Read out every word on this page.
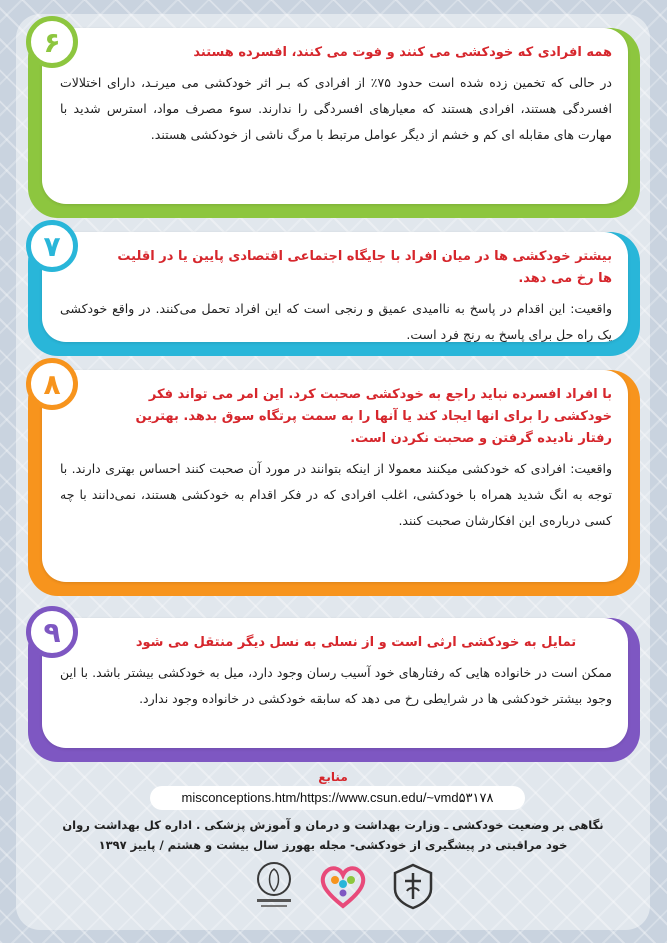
همه افرادی که خودکشی می کنند و فوت می کنند، افسرده هستند
در حالی که تخمین زده شده است حدود ۷۵٪ از افرادی که بـر اثر خودکشی می میرنـد، دارای اختلالات افسردگی هستند، افرادی هستند که معیارهای افسردگی را ندارند. سوء مصرف مواد، استرس شدید با مهارت های مقابله ای کم و خشم از دیگر عوامل مرتبط با مرگ ناشی از خودکشی هستند.
۶
بیشتر خودکشی ها در میان افراد با جایگاه اجتماعی اقتصادی پایین یا در اقلیت ها رخ می دهد.
واقعیت: این اقدام در پاسخ به ناامیدی عمیق و رنجی است که این افراد تحمل می‌کنند. در واقع خودکشی یک راه حل برای پاسخ به رنج فرد است.
۷
با افراد افسرده نباید راجع به خودکشی صحبت کرد. این امر می تواند فکر خودکشی را برای انها ایجاد کند یا آنها را به سمت پرتگاه سوق بدهد. بهترین رفتار نادیده گرفتن و صحبت نکردن است.
واقعیت: افرادی که خودکشی میکنند معمولا از اینکه بتوانند در مورد آن صحبت کنند احساس بهتری دارند. با توجه به انگ شدید همراه با خودکشی، اغلب افرادی که در فکر اقدام به خودکشی هستند، نمی‌دانند با چه کسی درباره‌ی این افکارشان صحبت کنند.
۸
تمایل به خودکشی ارثی است و از نسلی به نسل دیگر منتقل می شود
ممکن است در خانواده هایی که رفتارهای خود آسیب رسان وجود دارد، میل به خودکشی بیشتر باشد. با این وجود بیشتر خودکشی ها در شرایطی رخ می دهد که سابقه خودکشی در خانواده وجود ندارد.
۹
منابع
misconceptions.htm/https://www.csun.edu/~vmd۵۳۱۷۸
نگاهی بر وضعیت خودکشی ـ وزارت بهداشت و درمان و آموزش پزشکی . اداره کل بهداشت روان
خود مراقبتی در پیشگیری از خودکشی- مجله بهورز سال بیشت و هشتم / پاییز ۱۳۹۷
